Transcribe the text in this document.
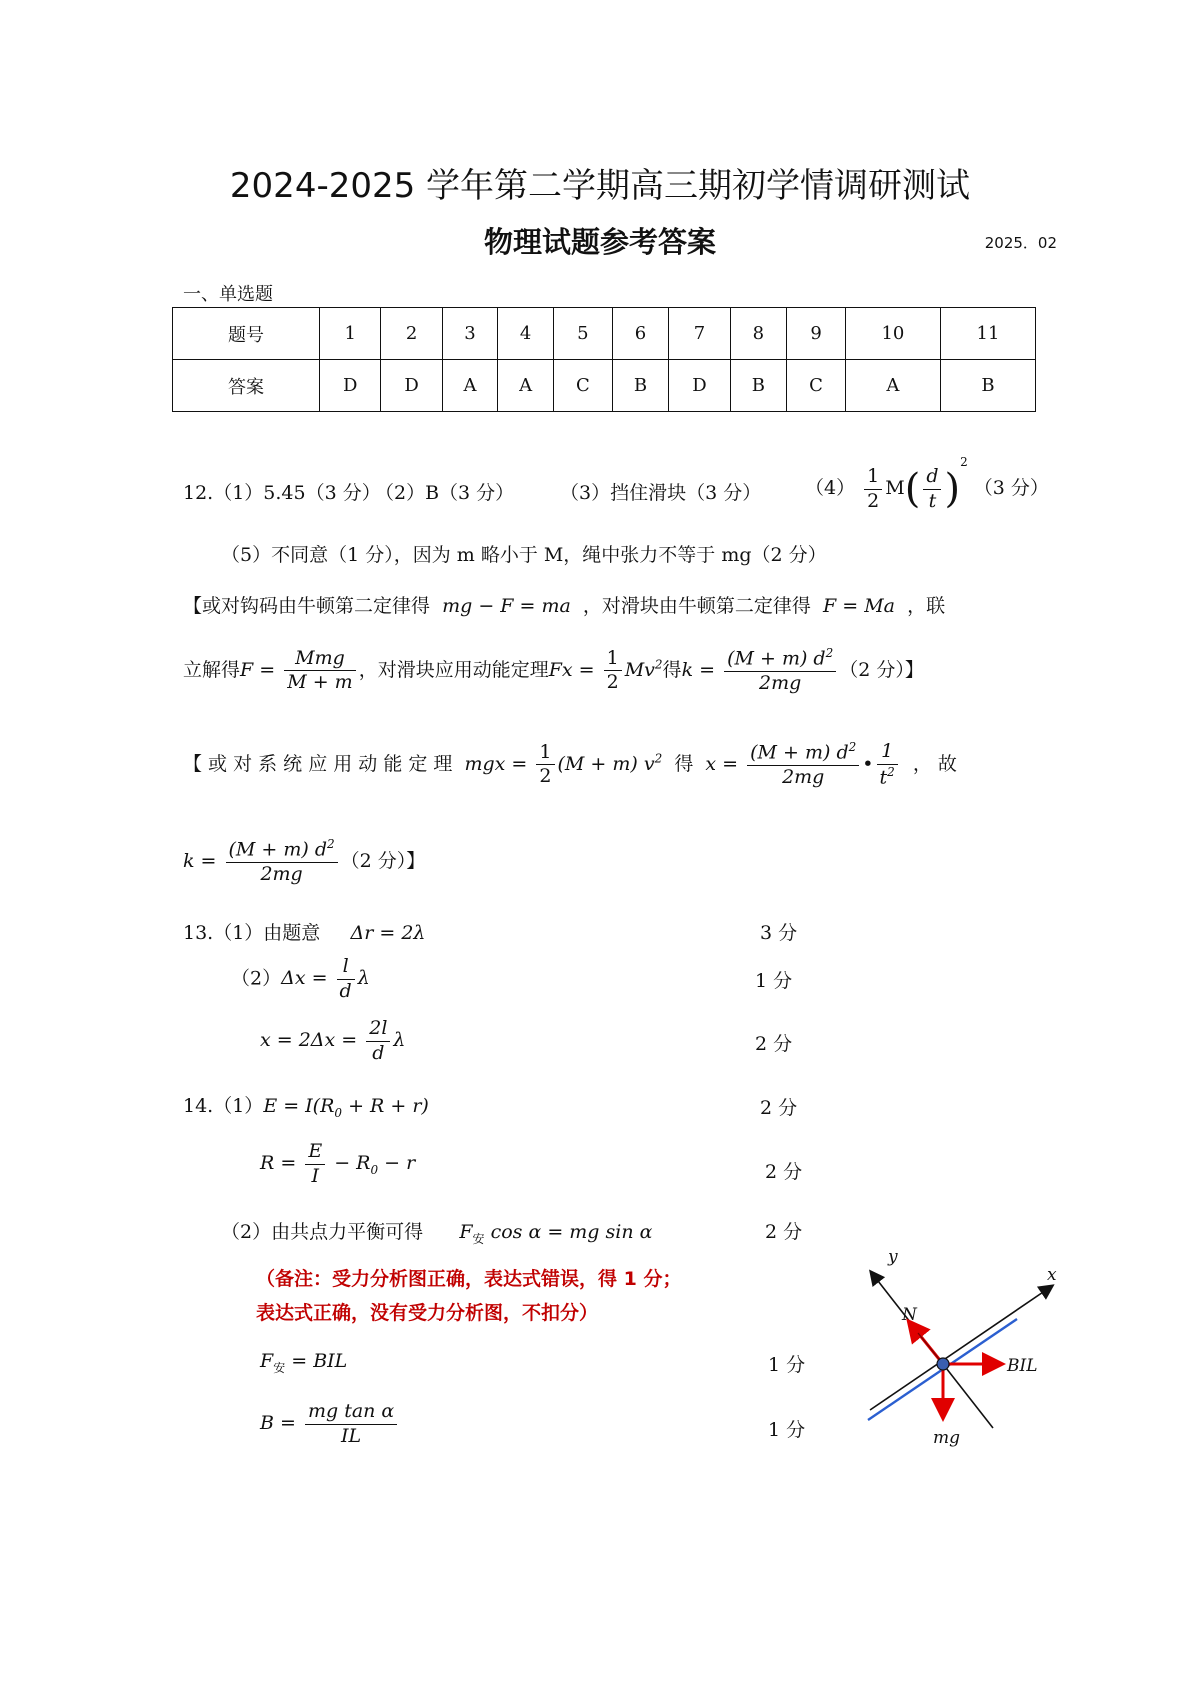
2024-2025 学年第二学期高三期初学情调研测试
物理试题参考答案	2025．02
一、单选题
题号	1	2	3	4	5	6	7	8	9	10	11
答案	D	D	A	A	C	B	D	B	C	A	B
12.（1）5.45（3 分）
（2）B（3 分） （3）挡住滑块（3 分） $(4) \frac{1}{2} M( \frac{d}{t} )^2$ （3 分）
（5）不同意（1 分），因为 m 略小于 M，绳中张力不等于 mg（2 分）
【或对钩码由牛顿第二定律得 mg − F = ma ，对滑块由牛顿第二定律得 F = Ma ，联
立解得$F = \frac{\text{Mmg}}{M + m}$ ，对滑块应用动能定理$Fx = \frac{1}{2} Mv^2$得$k = \frac{(M + m) d^2}{2mg} (2$ 分）】
【 或 对 系 统 应 用 动 能 定 理 mgx = $\frac{1}{2} (M + m)$ $v^2$ 得 $x = \frac{(M + m) d^2}{2mg}$ • $\frac{1}{t^2}$ ， 故
$k = \frac{(M + m) d^2}{2mg} (2$ 分）】
13.（1）由题意 Δr = 2λ	3 分
$(2)\Delta x = \frac{l}{d}$ λ	1 分
$x = 2\Delta x = \frac{2l}{d}$ λ	2 分
$14.(1)E = I(R_0 + R + r)$	2 分
$R = \frac{E}{I} - R_0 - r$	2 分
（2）由共点力平衡可得 $F_安$ cos α = mg sin α	2 分
（备注：受力分析图正确，表达式错误，得 1 分；
表达式正确，没有受力分析图，不扣分）
$F_安$ = BIL	1 分
$B = \frac{\text{mg tan α}}{IL}$	1 分
y
x
N
BIL
mg
